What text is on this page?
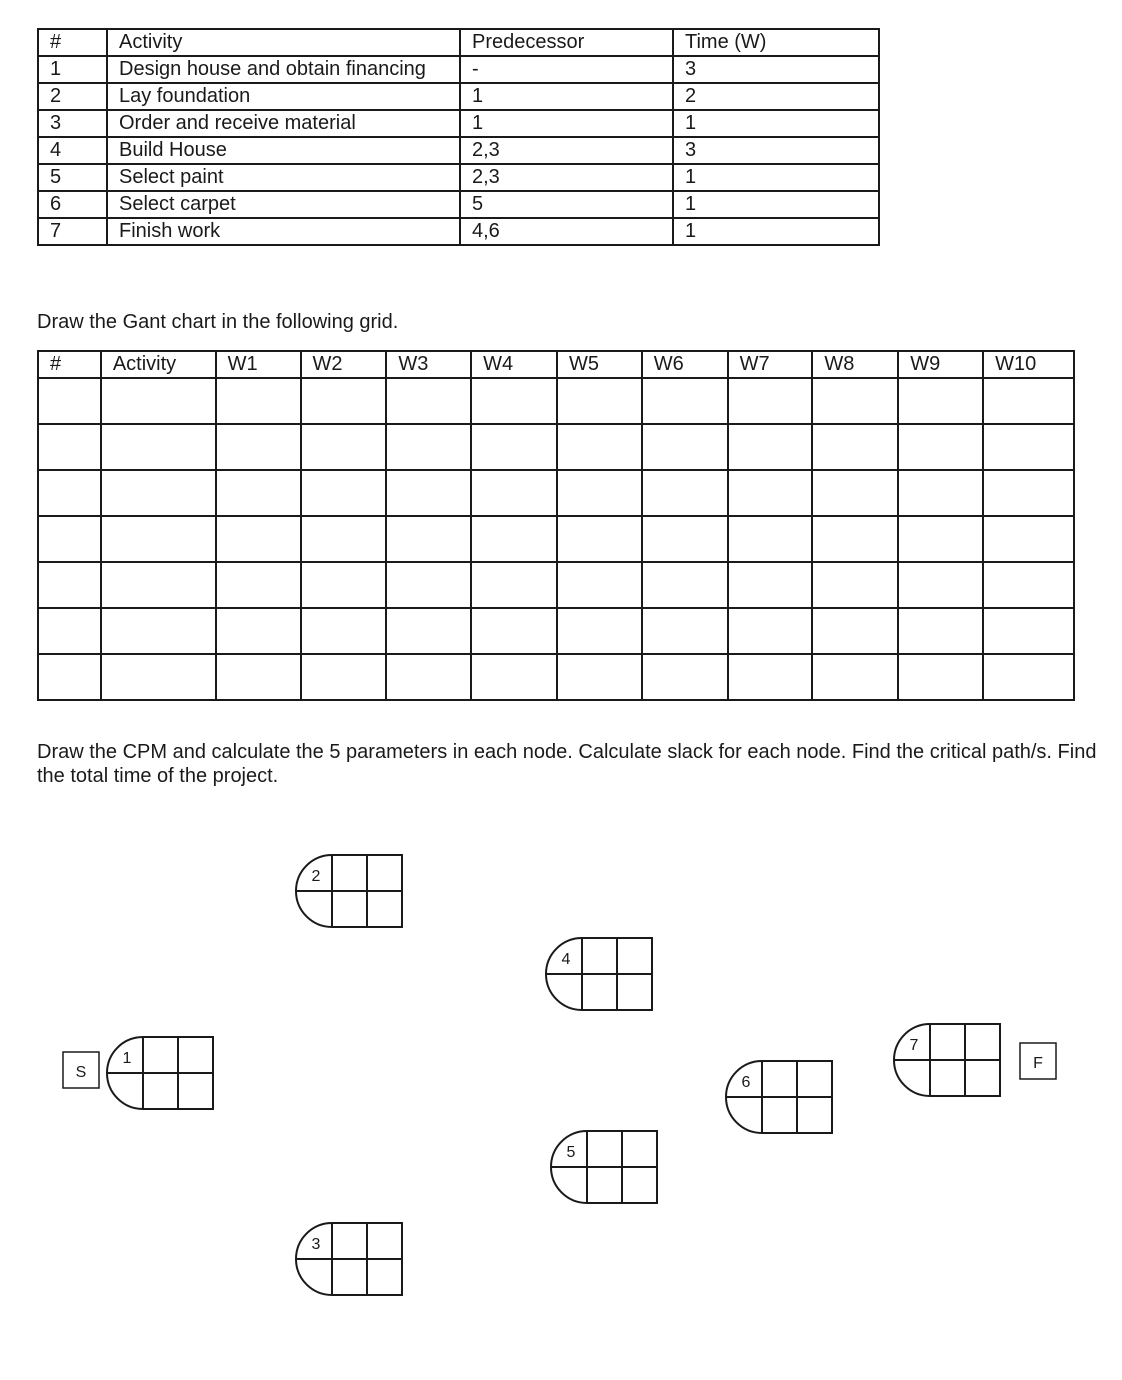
#	Activity	Predecessor	Time (W)
1	Design house and obtain financing	-	3
2	Lay foundation	1	2
3	Order and receive material	1	1
4	Build House	2,3	3
5	Select paint	2,3	1
6	Select carpet	5	1
7	Finish work	4,6	1

Draw the Gant chart in the following grid.

#	Activity	W1	W2	W3	W4	W5	W6	W7	W8	W9	W10

Draw the CPM and calculate the 5 parameters in each node. Calculate slack for each node. Find the critical path/s. Find the total time of the project.

S
F
1
2
3
4
5
6
7
